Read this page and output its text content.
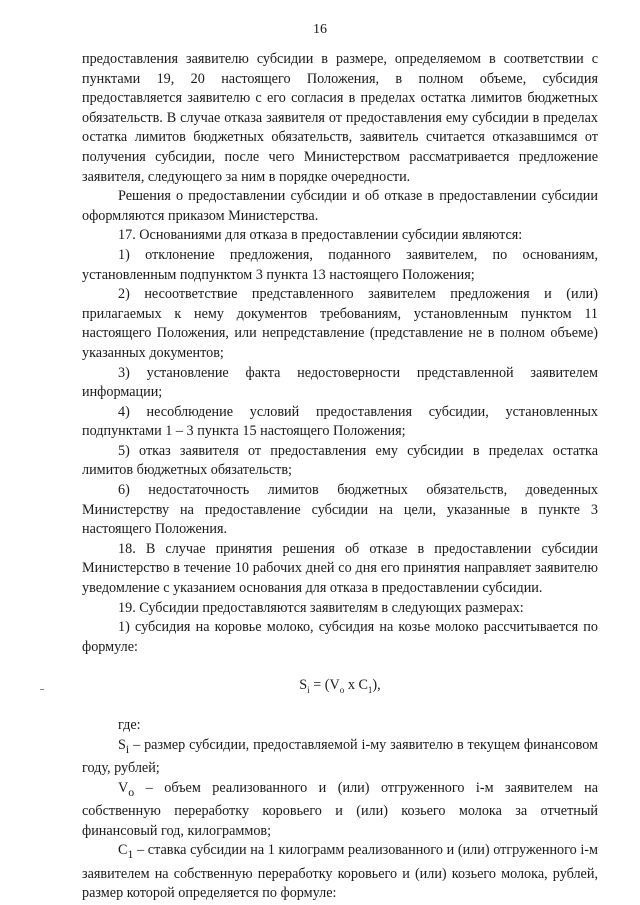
16

предоставления заявителю субсидии в размере, определяемом в соответствии с пунктами 19, 20 настоящего Положения, в полном объеме, субсидия предоставляется заявителю с его согласия в пределах остатка лимитов бюджетных обязательств. В случае отказа заявителя от предоставления ему субсидии в пределах остатка лимитов бюджетных обязательств, заявитель считается отказавшимся от получения субсидии, после чего Министерством рассматривается предложение заявителя, следующего за ним в порядке очередности.

Решения о предоставлении субсидии и об отказе в предоставлении субсидии оформляются приказом Министерства.

17. Основаниями для отказа в предоставлении субсидии являются:

1) отклонение предложения, поданного заявителем, по основаниям, установленным подпунктом 3 пункта 13 настоящего Положения;

2) несоответствие представленного заявителем предложения и (или) прилагаемых к нему документов требованиям, установленным пунктом 11 настоящего Положения, или непредставление (представление не в полном объеме) указанных документов;

3) установление факта недостоверности представленной заявителем информации;

4) несоблюдение условий предоставления субсидии, установленных подпунктами 1 – 3 пункта 15 настоящего Положения;

5) отказ заявителя от предоставления ему субсидии в пределах остатка лимитов бюджетных обязательств;

6) недостаточность лимитов бюджетных обязательств, доведенных Министерству на предоставление субсидии на цели, указанные в пункте 3 настоящего Положения.

18. В случае принятия решения об отказе в предоставлении субсидии Министерство в течение 10 рабочих дней со дня его принятия направляет заявителю уведомление с указанием основания для отказа в предоставлении субсидии.

19. Субсидии предоставляются заявителям в следующих размерах:

1) субсидия на коровье молоко, субсидия на козье молоко рассчитывается по формуле:

$S_i = (V_o$ x $C_1$),

где:

$S_i$ – размер субсидии, предоставляемой i-му заявителю в текущем финансовом году, рублей;

$V_o$ – объем реализованного и (или) отгруженного i-м заявителем на собственную переработку коровьего и (или) козьего молока за отчетный финансовый год, килограммов;

$C_1$ – ставка субсидии на 1 килограмм реализованного и (или) отгруженного i-м заявителем на собственную переработку коровьего и (или) козьего молока, рублей, размер которой определяется по формуле:
